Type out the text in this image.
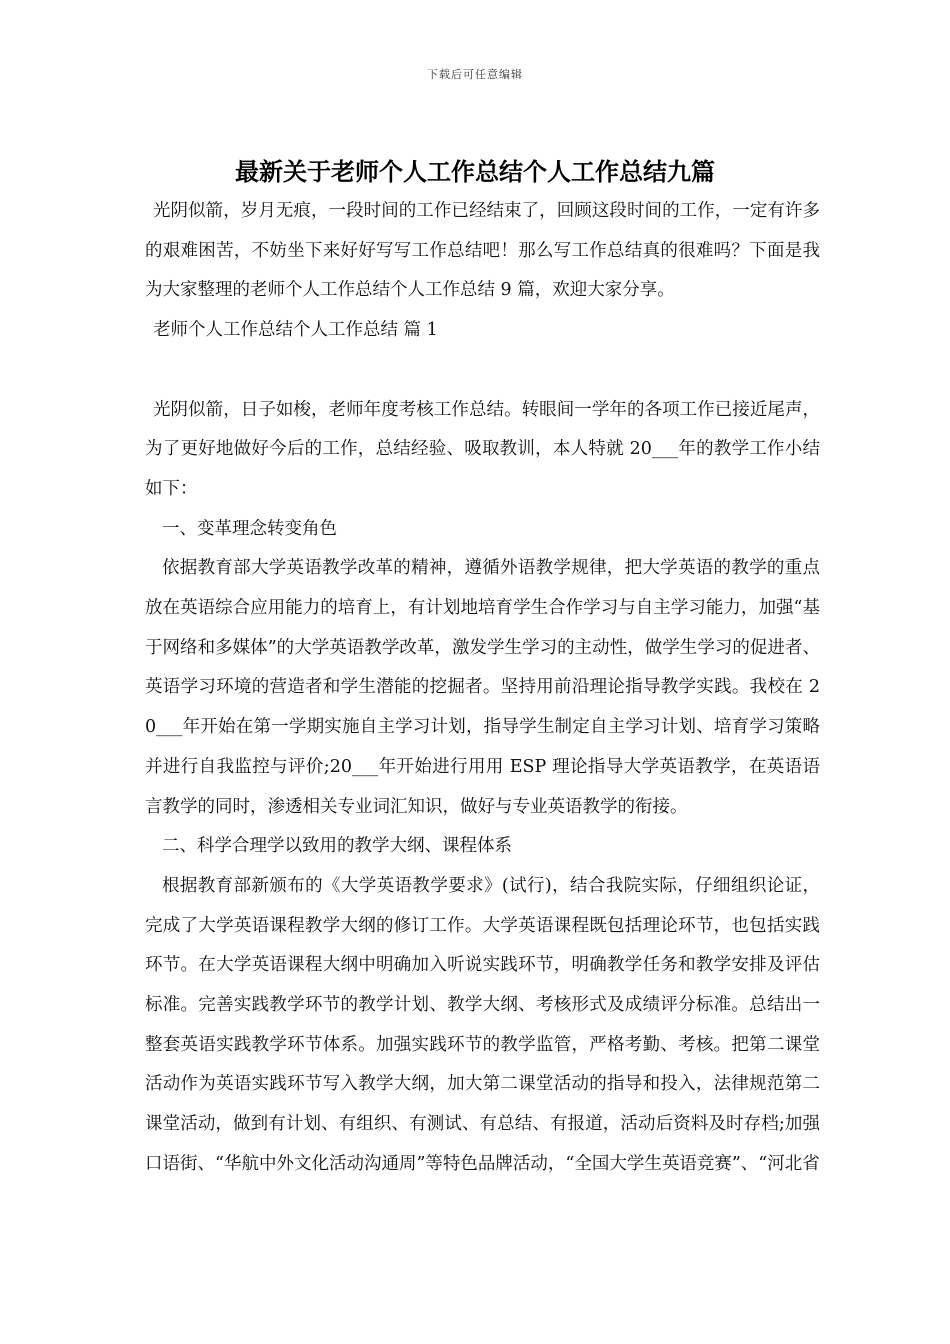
下载后可任意编辑
最新关于老师个人工作总结个人工作总结九篇

光阴似箭，岁月无痕，一段时间的工作已经结束了，回顾这段时间的工作，一定有许多的艰难困苦，不妨坐下来好好写写工作总结吧！那么写工作总结真的很难吗？下面是我为大家整理的老师个人工作总结个人工作总结 9 篇，欢迎大家分享。

老师个人工作总结个人工作总结 篇 1

光阴似箭，日子如梭，老师年度考核工作总结。转眼间一学年的各项工作已接近尾声，为了更好地做好今后的工作，总结经验、吸取教训，本人特就 20___年的教学工作小结如下：

一、变革理念转变角色

依据教育部大学英语教学改革的精神，遵循外语教学规律，把大学英语的教学的重点放在英语综合应用能力的培育上，有计划地培育学生合作学习与自主学习能力，加强“基于网络和多媒体”的大学英语教学改革，激发学生学习的主动性，做学生学习的促进者、英语学习环境的营造者和学生潜能的挖掘者。坚持用前沿理论指导教学实践。我校在 20___年开始在第一学期实施自主学习计划，指导学生制定自主学习计划、培育学习策略并进行自我监控与评价;20___年开始进行用用 ESP 理论指导大学英语教学，在英语语言教学的同时，渗透相关专业词汇知识，做好与专业英语教学的衔接。

二、科学合理学以致用的教学大纲、课程体系

根据教育部新颁布的《大学英语教学要求》(试行)，结合我院实际，仔细组织论证，完成了大学英语课程教学大纲的修订工作。大学英语课程既包括理论环节，也包括实践环节。在大学英语课程大纲中明确加入听说实践环节，明确教学任务和教学安排及评估标准。完善实践教学环节的教学计划、教学大纲、考核形式及成绩评分标准。总结出一整套英语实践教学环节体系。加强实践环节的教学监管，严格考勤、考核。把第二课堂活动作为英语实践环节写入教学大纲，加大第二课堂活动的指导和投入，法律规范第二课堂活动，做到有计划、有组织、有测试、有总结、有报道，活动后资料及时存档;加强口语街、“华航中外文化活动沟通周”等特色品牌活动，“全国大学生英语竞赛”、“河北省
